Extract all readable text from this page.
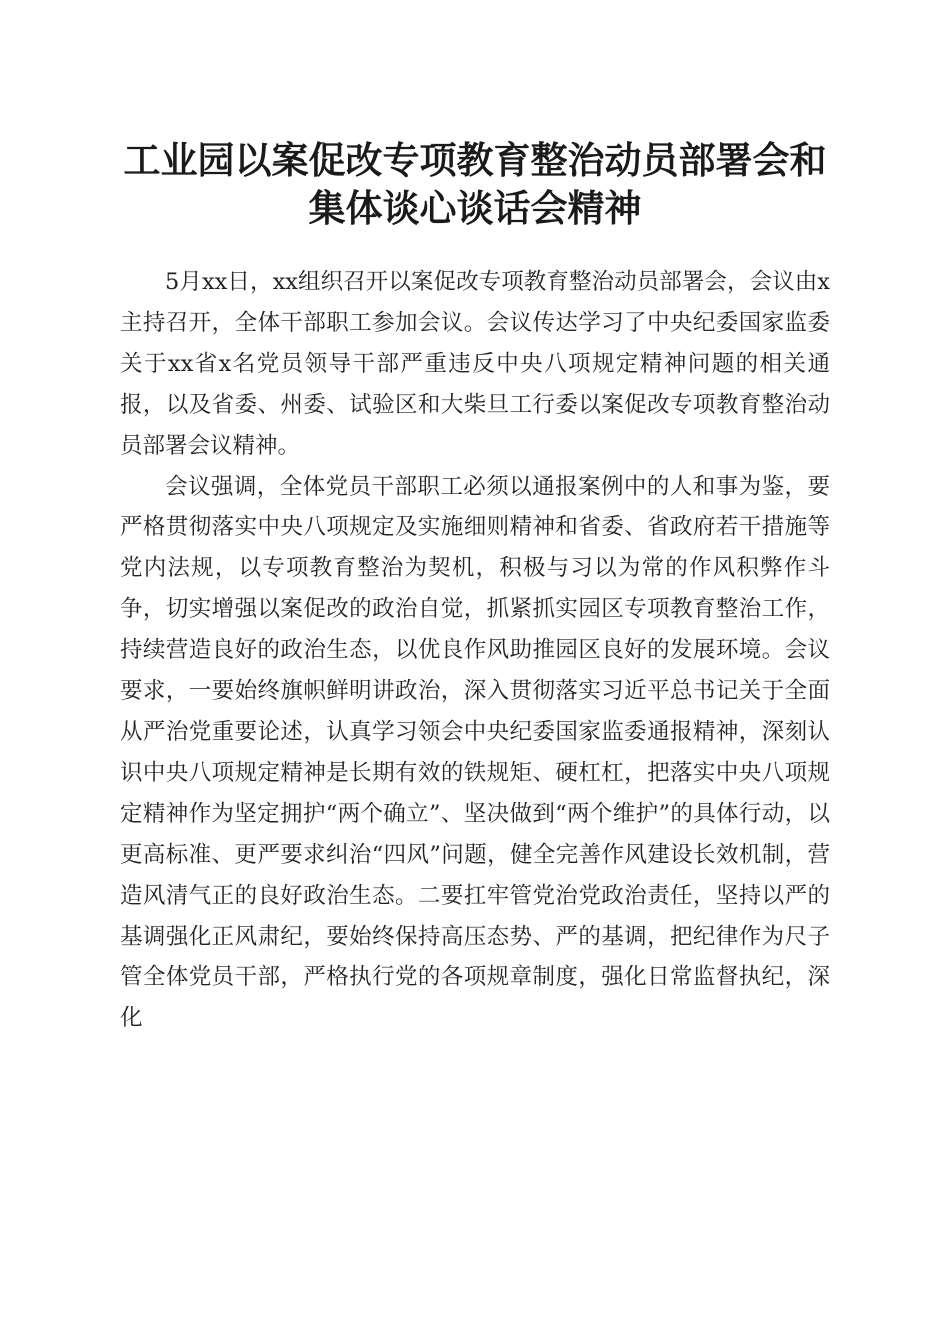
工业园以案促改专项教育整治动员部署会和集体谈心谈话会精神

5月xx日，xx组织召开以案促改专项教育整治动员部署会，会议由x主持召开，全体干部职工参加会议。会议传达学习了中央纪委国家监委关于xx省x名党员领导干部严重违反中央八项规定精神问题的相关通报，以及省委、州委、试验区和大柴旦工行委以案促改专项教育整治动员部署会议精神。

会议强调，全体党员干部职工必须以通报案例中的人和事为鉴，要严格贯彻落实中央八项规定及实施细则精神和省委、省政府若干措施等党内法规，以专项教育整治为契机，积极与习以为常的作风积弊作斗争，切实增强以案促改的政治自觉，抓紧抓实园区专项教育整治工作，持续营造良好的政治生态，以优良作风助推园区良好的发展环境。会议要求，一要始终旗帜鲜明讲政治，深入贯彻落实习近平总书记关于全面从严治党重要论述，认真学习领会中央纪委国家监委通报精神，深刻认识中央八项规定精神是长期有效的铁规矩、硬杠杠，把落实中央八项规定精神作为坚定拥护“两个确立”、坚决做到“两个维护”的具体行动，以更高标准、更严要求纠治“四风”问题，健全完善作风建设长效机制，营造风清气正的良好政治生态。二要扛牢管党治党政治责任，坚持以严的基调强化正风肃纪，要始终保持高压态势、严的基调，把纪律作为尺子管全体党员干部，严格执行党的各项规章制度，强化日常监督执纪，深化
